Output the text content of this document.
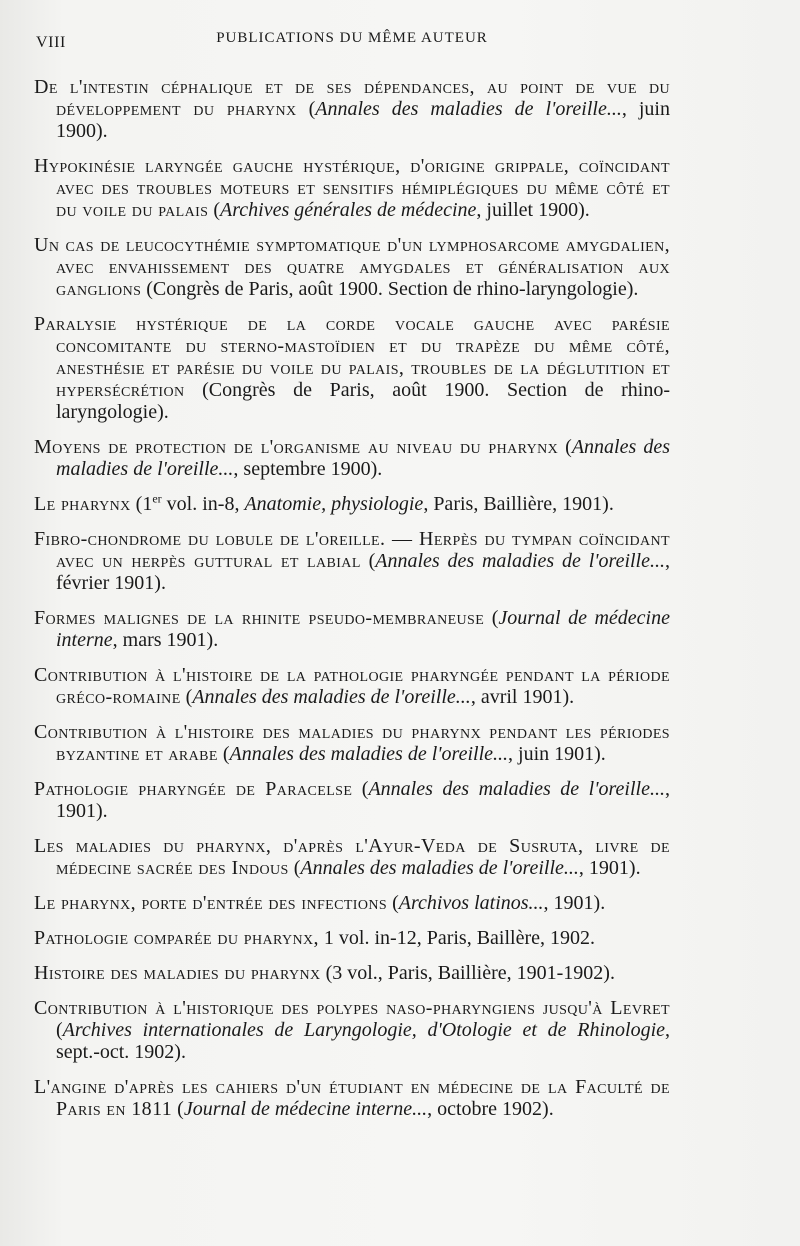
VIII	PUBLICATIONS DU MÊME AUTEUR
De l'intestin céphalique et de ses dépendances, au point de vue du développement du pharynx (Annales des maladies de l'oreille..., juin 1900).
Hypokinésie laryngée gauche hystérique, d'origine grippale, coïncidant avec des troubles moteurs et sensitifs hémiplégiques du même côté et du voile du palais (Archives générales de médecine, juillet 1900).
Un cas de leucocythémie symptomatique d'un lymphosarcome amygdalien, avec envahissement des quatre amygdales et généralisation aux ganglions (Congrès de Paris, août 1900. Section de rhino-laryngologie).
Paralysie hystérique de la corde vocale gauche avec parésie concomitante du sterno-mastoïdien et du trapèze du même côté, anesthésie et parésie du voile du palais, troubles de la déglutition et hypersécrétion (Congrès de Paris, août 1900. Section de rhino-laryngologie).
Moyens de protection de l'organisme au niveau du pharynx (Annales des maladies de l'oreille..., septembre 1900).
Le pharynx (1er vol. in-8, Anatomie, physiologie, Paris, Baillière, 1901).
Fibro-chondrome du lobule de l'oreille. — Herpès du tympan coïncidant avec un herpès guttural et labial (Annales des maladies de l'oreille..., février 1901).
Formes malignes de la rhinite pseudo-membraneuse (Journal de médecine interne, mars 1901).
Contribution à l'histoire de la pathologie pharyngée pendant la période gréco-romaine (Annales des maladies de l'oreille..., avril 1901).
Contribution à l'histoire des maladies du pharynx pendant les périodes byzantine et arabe (Annales des maladies de l'oreille..., juin 1901).
Pathologie pharyngée de Paracelse (Annales des maladies de l'oreille..., 1901).
Les maladies du pharynx, d'après l'Ayur-Veda de Susruta, livre de médecine sacrée des Indous (Annales des maladies de l'oreille..., 1901).
Le pharynx, porte d'entrée des infections (Archivos latinos..., 1901).
Pathologie comparée du pharynx, 1 vol. in-12, Paris, Baillère, 1902.
Histoire des maladies du pharynx (3 vol., Paris, Baillière, 1901-1902).
Contribution à l'historique des polypes naso-pharyngiens jusqu'à Levret (Archives internationales de Laryngologie, d'Otologie et de Rhinologie, sept.-oct. 1902).
L'angine d'après les cahiers d'un étudiant en médecine de la Faculté de Paris en 1811 (Journal de médecine interne..., octobre 1902).
